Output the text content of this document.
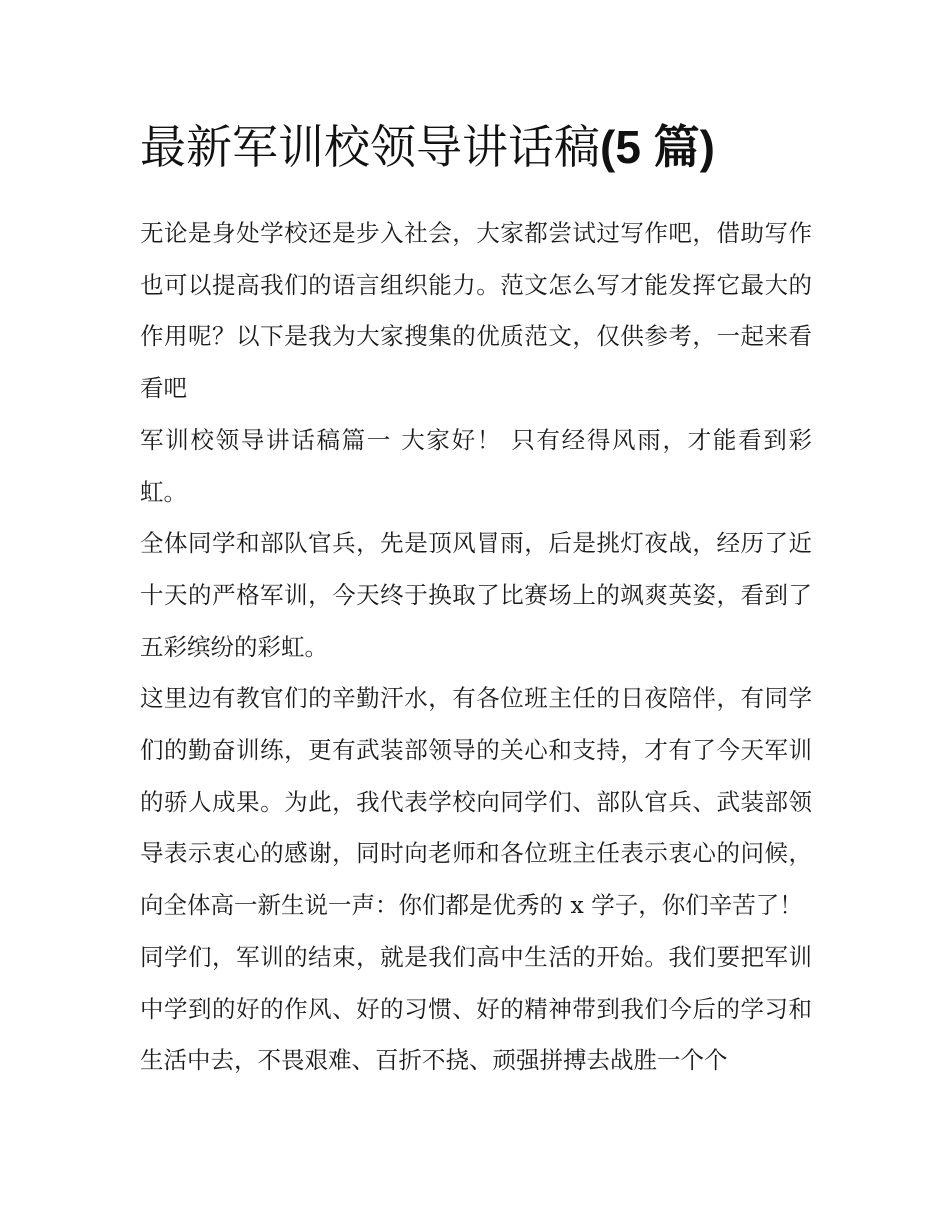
最新军训校领导讲话稿(5 篇)

无论是身处学校还是步入社会，大家都尝试过写作吧，借助写作也可以提高我们的语言组织能力。范文怎么写才能发挥它最大的作用呢？以下是我为大家搜集的优质范文，仅供参考，一起来看看吧

军训校领导讲话稿篇一 大家好！ 只有经得风雨，才能看到彩虹。

全体同学和部队官兵，先是顶风冒雨，后是挑灯夜战，经历了近十天的严格军训，今天终于换取了比赛场上的飒爽英姿，看到了五彩缤纷的彩虹。

这里边有教官们的辛勤汗水，有各位班主任的日夜陪伴，有同学们的勤奋训练，更有武装部领导的关心和支持，才有了今天军训的骄人成果。为此，我代表学校向同学们、部队官兵、武装部领导表示衷心的感谢，同时向老师和各位班主任表示衷心的问候，向全体高一新生说一声：你们都是优秀的 x 学子，你们辛苦了！

同学们，军训的结束，就是我们高中生活的开始。我们要把军训中学到的好的作风、好的习惯、好的精神带到我们今后的学习和生活中去，不畏艰难、百折不挠、顽强拼搏去战胜一个个
